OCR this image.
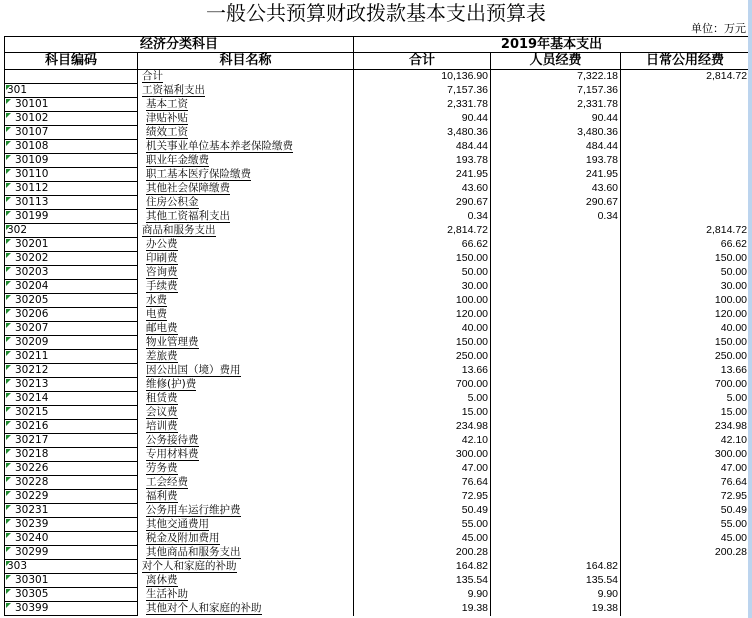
一般公共预算财政拨款基本支出预算表
单位：万元
经济分类科目		2019年基本支出		
科目编码	科目名称	合计	人员经费	日常公用经费
	合计	10,136.90	7,322.18	2,814.72

301	工资福利支出	7,157.36	7,157.36	

30101	基本工资	2,331.78	2,331.78	

30102	津贴补贴	90.44	90.44	

30107	绩效工资	3,480.36	3,480.36	

30108	机关事业单位基本养老保险缴费	484.44	484.44	

30109	职业年金缴费	193.78	193.78	

30110	职工基本医疗保险缴费	241.95	241.95	

30112	其他社会保障缴费	43.60	43.60	

30113	住房公积金	290.67	290.67	

30199	其他工资福利支出	0.34	0.34	

302	商品和服务支出	2,814.72		2,814.72

30201	办公费	66.62		66.62

30202	印刷费	150.00		150.00

30203	咨询费	50.00		50.00

30204	手续费	30.00		30.00

30205	水费	100.00		100.00

30206	电费	120.00		120.00

30207	邮电费	40.00		40.00

30209	物业管理费	150.00		150.00

30211	差旅费	250.00		250.00

30212	因公出国（境）费用	13.66		13.66

30213	维修(护)费	700.00		700.00

30214	租赁费	5.00		5.00

30215	会议费	15.00		15.00

30216	培训费	234.98		234.98

30217	公务接待费	42.10		42.10

30218	专用材料费	300.00		300.00

30226	劳务费	47.00		47.00

30228	工会经费	76.64		76.64

30229	福利费	72.95		72.95

30231	公务用车运行维护费	50.49		50.49

30239	其他交通费用	55.00		55.00

30240	税金及附加费用	45.00		45.00

30299	其他商品和服务支出	200.28		200.28

303	对个人和家庭的补助	164.82	164.82	

30301	离休费	135.54	135.54	

30305	生活补助	9.90	9.90	

30399	其他对个人和家庭的补助	19.38	19.38	
